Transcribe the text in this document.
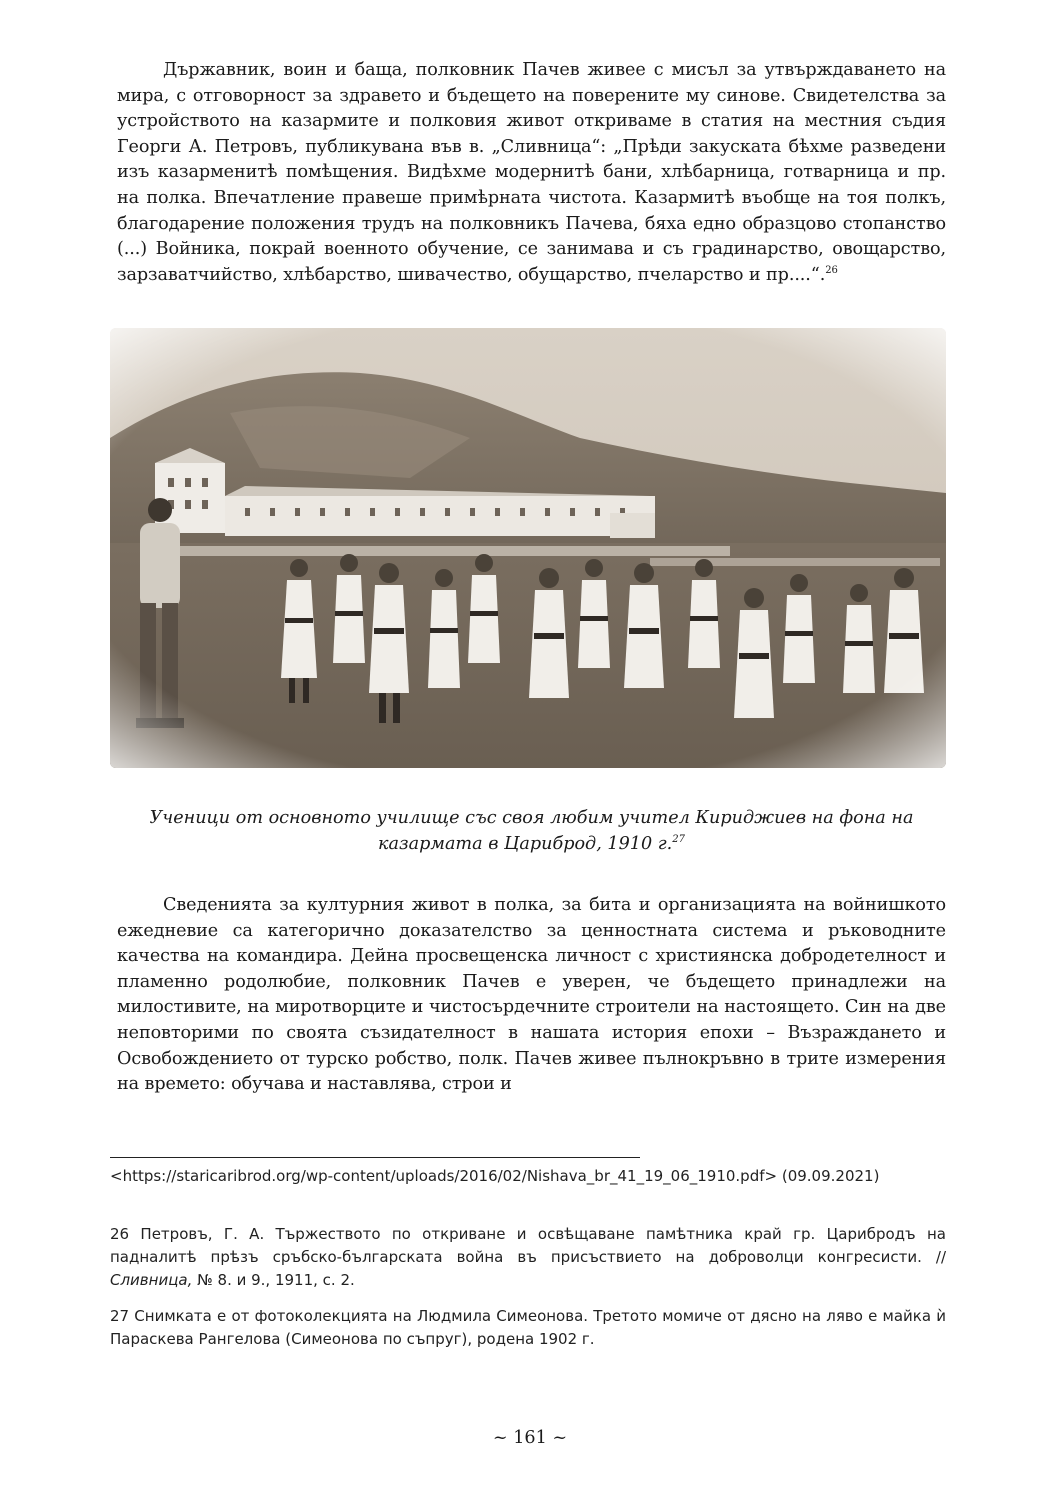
Държавник, воин и баща, полковник Пачев живее с мисъл за утвърждаването на мира, с отговорност за здравето и бъдещето на поверените му синове. Свидетелства за устройството на казармите и полковия живот откриваме в статия на местния съдия Георги А. Петровъ, публикувана във в. „Сливница“: „Прѣди закуската бѣхме разведени изъ казарменитѣ помѣщения. Видѣхме модернитѣ бани, хлѣбарница, готварница и пр. на полка. Впечатление правеше примѣрната чистота. Казармитѣ въобще на тоя полкъ, благодарение положения трудъ на полковникъ Пачева, бяха едно образцово стопанство (...) Войника, покрай военното обучение, се занимава и съ градинарство, овощарство, зарзаватчийство, хлѣбарство, шивачество, обущарство, пчеларство и пр....“.$^{26}$

Ученици от основното училище със своя любим учител Кириджиев на фона на
казармата в Цариброд, 1910 г.$^{27}$

Сведенията за културния живот в полка, за бита и организацията на войнишкото ежедневие са категорично доказателство за ценностната система и ръководните качества на командира. Дейна просвещенска личност с християнска добродетелност и пламенно родолюбие, полковник Пачев е уверен, че бъдещето принадлежи на милостивите, на миротворците и чистосърдечните строители на настоящето. Син на две неповторими по своята съзидателност в нашата история епохи – Възраждането и Освобождението от турско робство, полк. Пачев живее пълнокръвно в трите измерения на времето: обучава и наставлява, строи и

<https://staricaribrod.org/wp-content/uploads/2016/02/Nishava_br_41_19_06_1910.pdf> (09.09.2021)

26 Петровъ, Г. А. Тържеството по откриване и освѣщаване памѣтника край гр. Царибродъ на падналитѣ прѣзъ сръбско-българската война въ присъствието на доброволци конгресисти. // Сливница, № 8. и 9., 1911, с. 2.

27 Снимката е от фотоколекцията на Людмила Симеонова. Третото момиче от дясно на ляво е майка ѝ Параскева Рангелова (Симеонова по съпруг), родена 1902 г.

~ 161 ~
